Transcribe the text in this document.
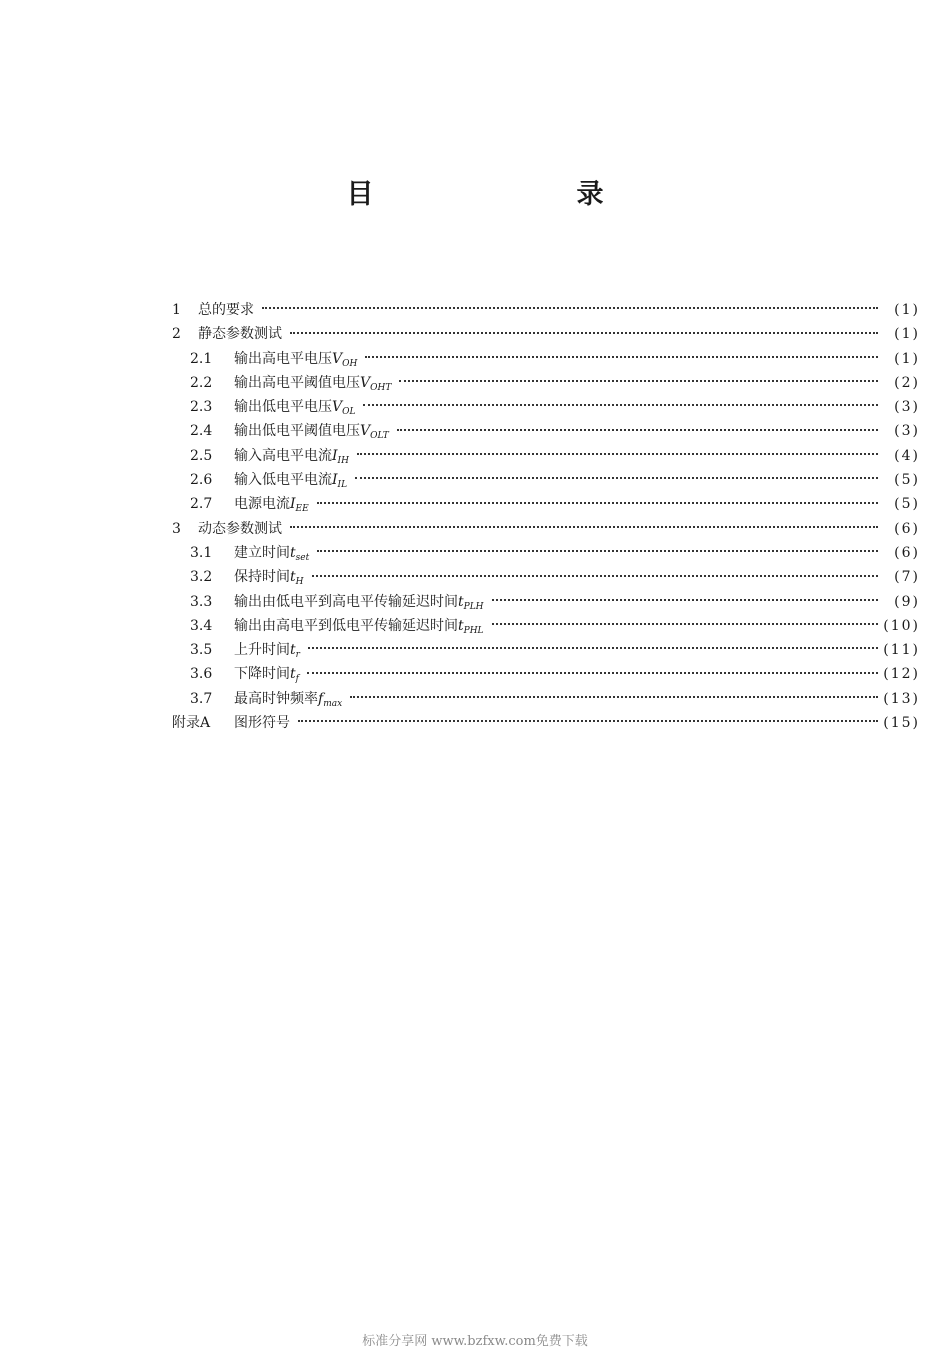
目　录
1	总的要求	(1)
2	静态参数测试	(1)
2.1	输出高电平电压$V_{OH}$	(1)
2.2	输出高电平阈值电压$V_{OHT}$	(2)
2.3	输出低电平电压$V_{OL}$	(3)
2.4	输出低电平阈值电压$V_{OLT}$	(3)
2.5	输入高电平电流$I_{IH}$	(4)
2.6	输入低电平电流$I_{IL}$	(5)
2.7	电源电流$I_{EE}$	(5)
3	动态参数测试	(6)
3.1	建立时间$t_{set}$	(6)
3.2	保持时间$t_H$	(7)
3.3	输出由低电平到高电平传输延迟时间$t_{PLH}$	(9)
3.4	输出由高电平到低电平传输延迟时间$t_{PHL}$	(10)
3.5	上升时间$t_r$	(11)
3.6	下降时间$t_f$	(12)
3.7	最高时钟频率$f_{max}$	(13)
附录A	图形符号	(15)
标准分享网 www.bzfxw.com免费下载
